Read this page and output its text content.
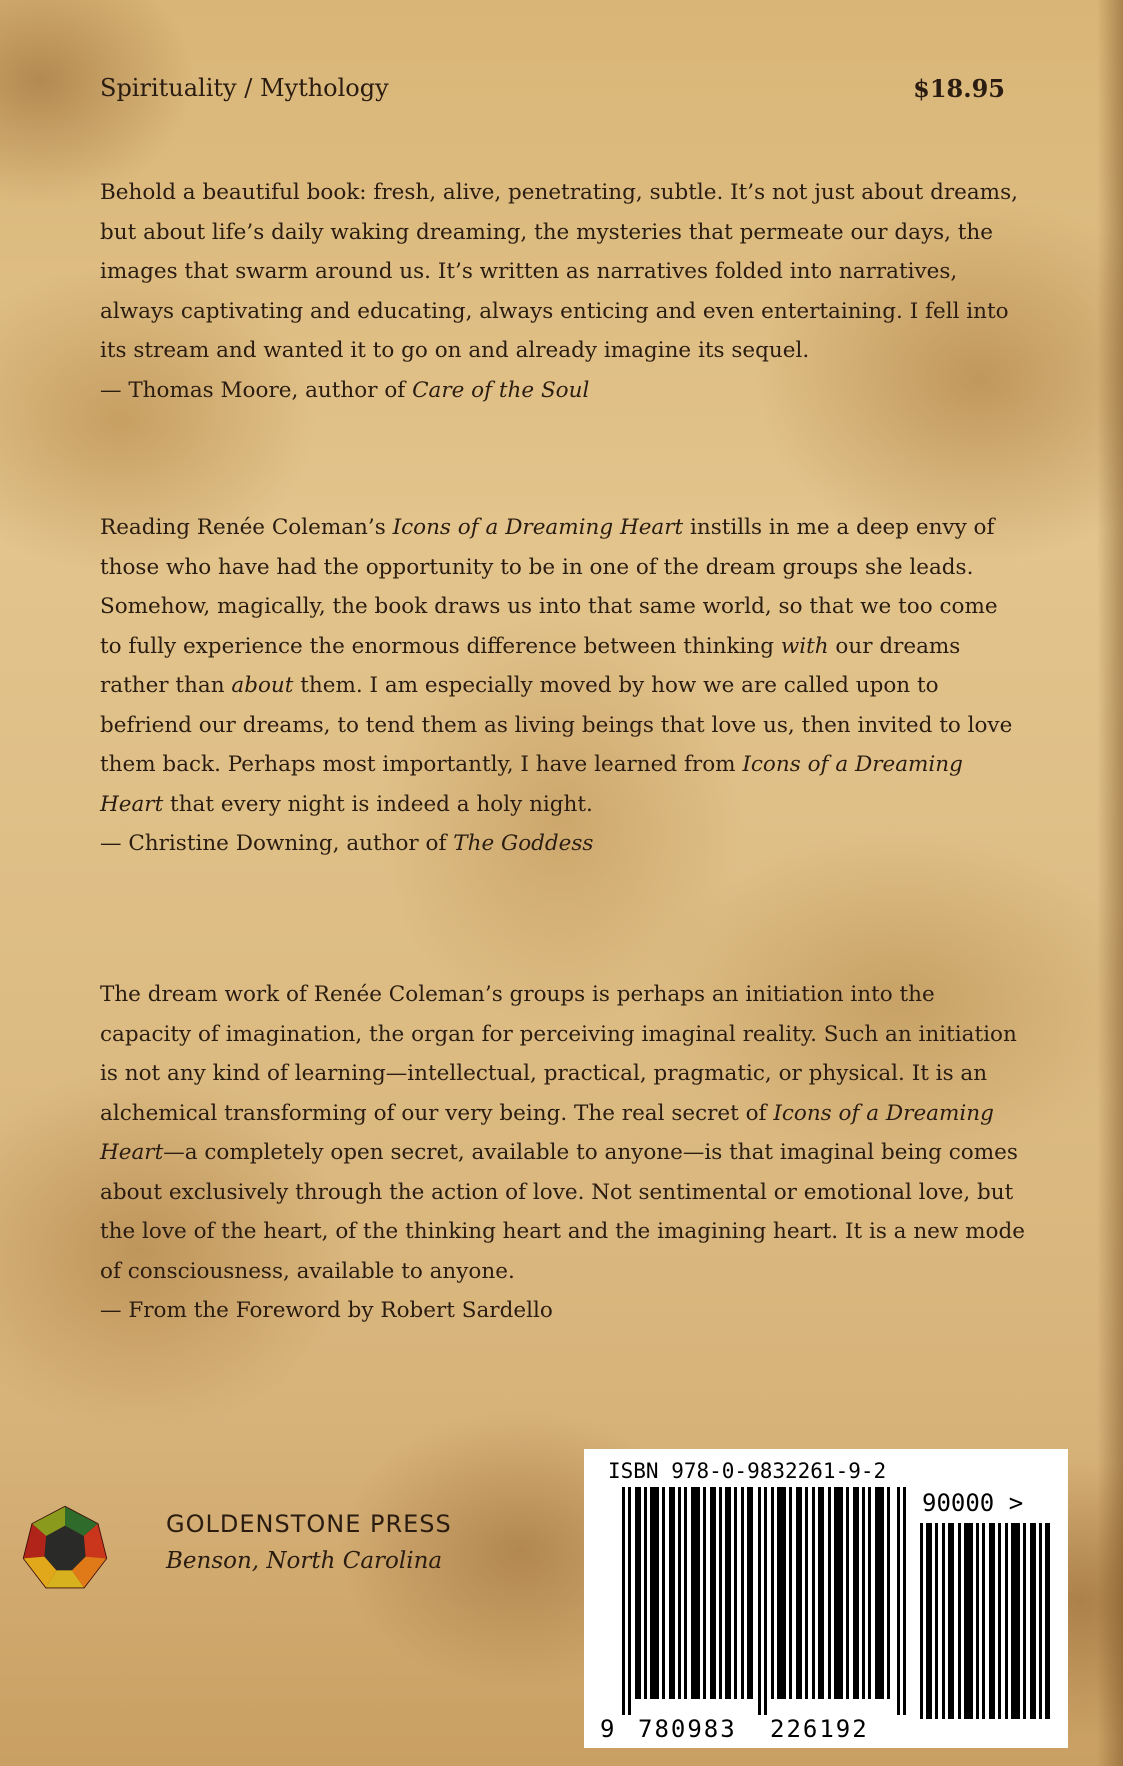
Spirituality / Mythology	$18.95

Behold a beautiful book: fresh, alive, penetrating, subtle. It’s not just about dreams, but about life’s daily waking dreaming, the mysteries that permeate our days, the images that swarm around us. It’s written as narratives folded into narratives, always captivating and educating, always enticing and even entertaining. I fell into its stream and wanted it to go on and already imagine its sequel.

— Thomas Moore, author of Care of the Soul

Reading Renée Coleman’s Icons of a Dreaming Heart instills in me a deep envy of those who have had the opportunity to be in one of the dream groups she leads. Somehow, magically, the book draws us into that same world, so that we too come to fully experience the enormous difference between thinking with our dreams rather than about them. I am especially moved by how we are called upon to befriend our dreams, to tend them as living beings that love us, then invited to love them back. Perhaps most importantly, I have learned from Icons of a Dreaming Heart that every night is indeed a holy night.

— Christine Downing, author of The Goddess

The dream work of Renée Coleman’s groups is perhaps an initiation into the capacity of imagination, the organ for perceiving imaginal reality. Such an initiation is not any kind of learning—intellectual, practical, pragmatic, or physical. It is an alchemical transforming of our very being. The real secret of Icons of a Dreaming Heart—a completely open secret, available to anyone—is that imaginal being comes about exclusively through the action of love. Not sentimental or emotional love, but the love of the heart, of the thinking heart and the imagining heart. It is a new mode of consciousness, available to anyone.

— From the Foreword by Robert Sardello

GOLDENSTONE PRESS
Benson, North Carolina
ISBN 978-0-9832261-9-2
90000 >
9 780983 226192
